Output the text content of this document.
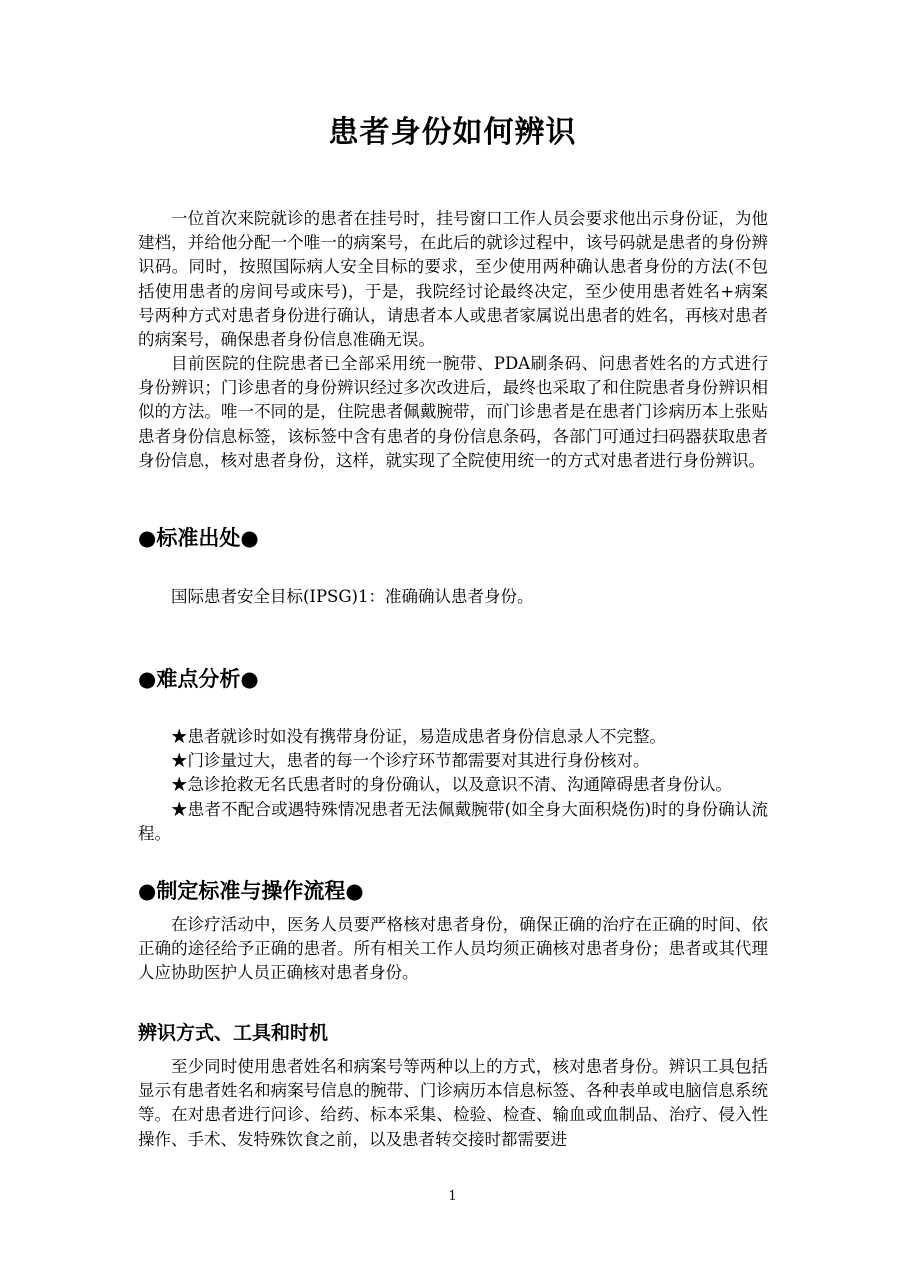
患者身份如何辨识

一位首次来院就诊的患者在挂号时，挂号窗口工作人员会要求他出示身份证，为他建档，并给他分配一个唯一的病案号，在此后的就诊过程中，该号码就是患者的身份辨识码。同时，按照国际病人安全目标的要求，至少使用两种确认患者身份的方法(不包括使用患者的房间号或床号)，于是，我院经讨论最终决定，至少使用患者姓名+病案号两种方式对患者身份进行确认，请患者本人或患者家属说出患者的姓名，再核对患者的病案号，确保患者身份信息准确无误。

目前医院的住院患者已全部采用统一腕带、PDA刷条码、问患者姓名的方式进行身份辨识；门诊患者的身份辨识经过多次改进后，最终也采取了和住院患者身份辨识相似的方法。唯一不同的是，住院患者佩戴腕带，而门诊患者是在患者门诊病历本上张贴患者身份信息标签，该标签中含有患者的身份信息条码，各部门可通过扫码器获取患者身份信息，核对患者身份，这样，就实现了全院使用统一的方式对患者进行身份辨识。

●标准出处●

国际患者安全目标(IPSG)1：准确确认患者身份。

●难点分析●
★患者就诊时如没有携带身份证，易造成患者身份信息录人不完整。
★门诊量过大，患者的每一个诊疗环节都需要对其进行身份核对。
★急诊抢救无名氏患者时的身份确认，以及意识不清、沟通障碍患者身份认。
★患者不配合或遇特殊情况患者无法佩戴腕带(如全身大面积烧伤)时的身份确认流程。
●制定标准与操作流程●

在诊疗活动中，医务人员要严格核对患者身份，确保正确的治疗在正确的时间、依正确的途径给予正确的患者。所有相关工作人员均须正确核对患者身份；患者或其代理人应协助医护人员正确核对患者身份。

辨识方式、工具和时机

至少同时使用患者姓名和病案号等两种以上的方式，核对患者身份。辨识工具包括显示有患者姓名和病案号信息的腕带、门诊病历本信息标签、各种表单或电脑信息系统等。在对患者进行问诊、给药、标本采集、检验、检查、输血或血制品、治疗、侵入性操作、手术、发特殊饮食之前，以及患者转交接时都需要进

1
